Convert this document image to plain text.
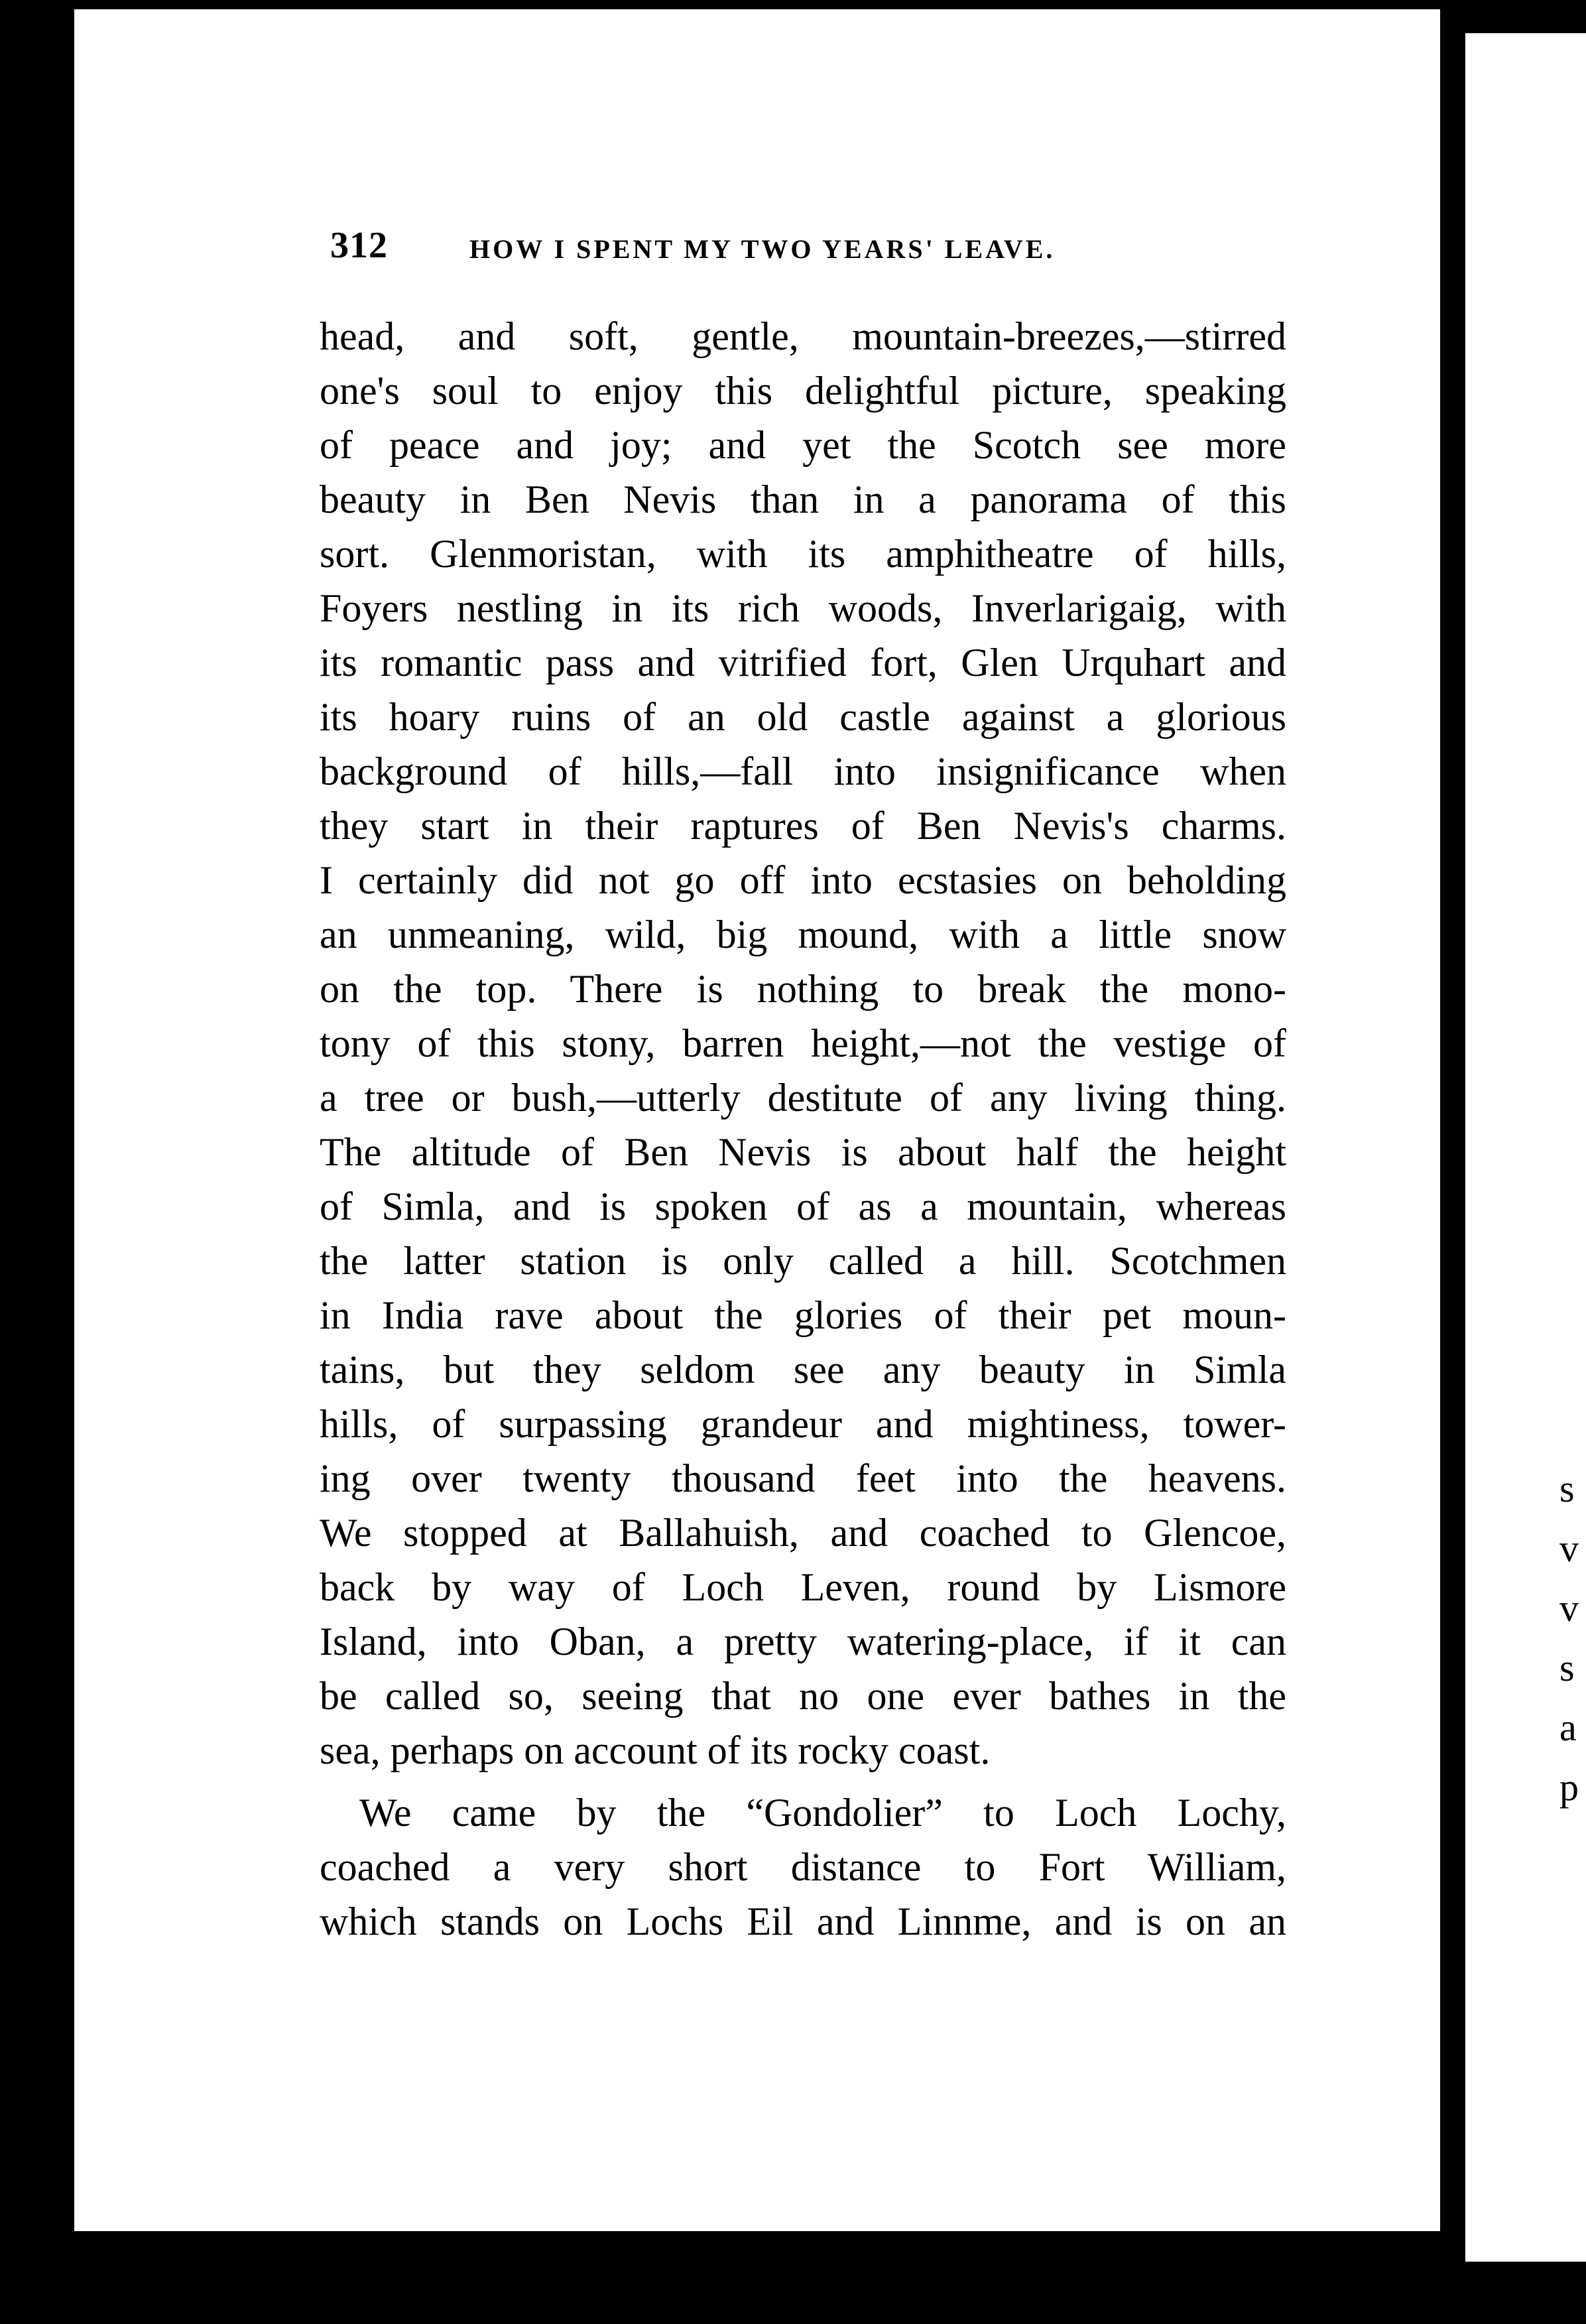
312	HOW I SPENT MY TWO YEARS' LEAVE.
head, and soft, gentle, mountain-breezes,—stirred
one's soul to enjoy this delightful picture, speaking
of peace and joy; and yet the Scotch see more
beauty in Ben Nevis than in a panorama of this
sort. Glenmoristan, with its amphitheatre of hills,
Foyers nestling in its rich woods, Inverlarigaig, with
its romantic pass and vitrified fort, Glen Urquhart and
its hoary ruins of an old castle against a glorious
background of hills,—fall into insignificance when
they start in their raptures of Ben Nevis's charms.
I certainly did not go off into ecstasies on beholding
an unmeaning, wild, big mound, with a little snow
on the top. There is nothing to break the mono-
tony of this stony, barren height,—not the vestige of
a tree or bush,—utterly destitute of any living thing.
The altitude of Ben Nevis is about half the height
of Simla, and is spoken of as a mountain, whereas
the latter station is only called a hill. Scotchmen
in India rave about the glories of their pet moun-
tains, but they seldom see any beauty in Simla
hills, of surpassing grandeur and mightiness, tower-
ing over twenty thousand feet into the heavens.
We stopped at Ballahuish, and coached to Glencoe,
back by way of Loch Leven, round by Lismore
Island, into Oban, a pretty watering-place, if it can
be called so, seeing that no one ever bathes in the
sea, perhaps on account of its rocky coast.
We came by the “Gondolier” to Loch Lochy,
coached a very short distance to Fort William,
which stands on Lochs Eil and Linnme, and is on an
s
v
v
s
a
p
